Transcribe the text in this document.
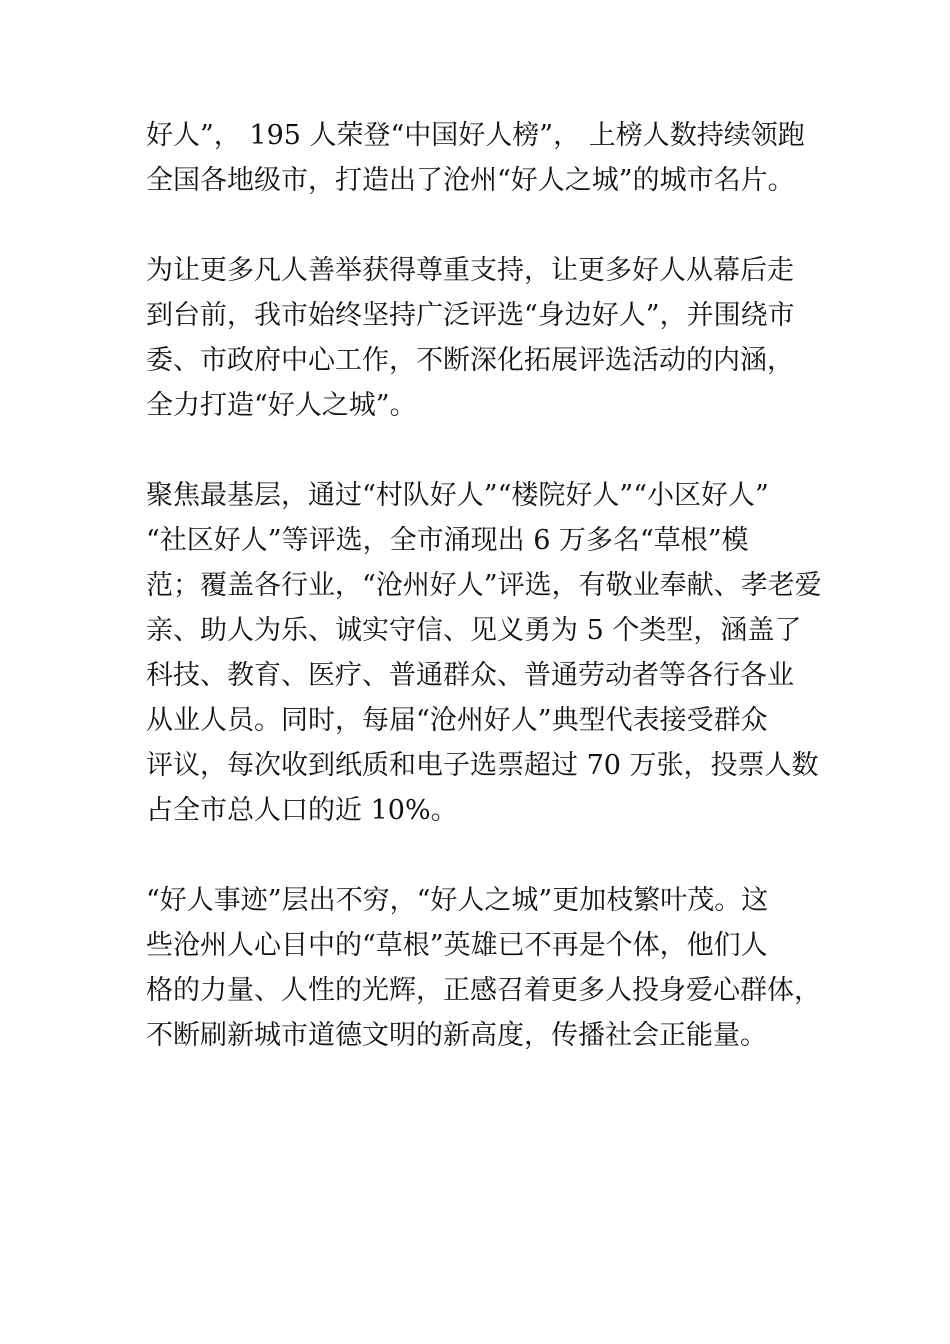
好人”， 195 人荣登“中国好人榜”， 上榜人数持续领跑
全国各地级市，打造出了沧州“好人之城”的城市名片。
为让更多凡人善举获得尊重支持，让更多好人从幕后走
到台前，我市始终坚持广泛评选“身边好人”，并围绕市
委、市政府中心工作，不断深化拓展评选活动的内涵，
全力打造“好人之城”。
聚焦最基层，通过“村队好人”“楼院好人”“小区好人”
“社区好人”等评选，全市涌现出 6 万多名“草根”模
范；覆盖各行业，“沧州好人”评选，有敬业奉献、孝老爱
亲、助人为乐、诚实守信、见义勇为 5 个类型，涵盖了
科技、教育、医疗、普通群众、普通劳动者等各行各业
从业人员。同时，每届“沧州好人”典型代表接受群众
评议，每次收到纸质和电子选票超过 70 万张，投票人数
占全市总人口的近 10%。
“好人事迹”层出不穷，“好人之城”更加枝繁叶茂。这
些沧州人心目中的“草根”英雄已不再是个体，他们人
格的力量、人性的光辉，正感召着更多人投身爱心群体，
不断刷新城市道德文明的新高度，传播社会正能量。
